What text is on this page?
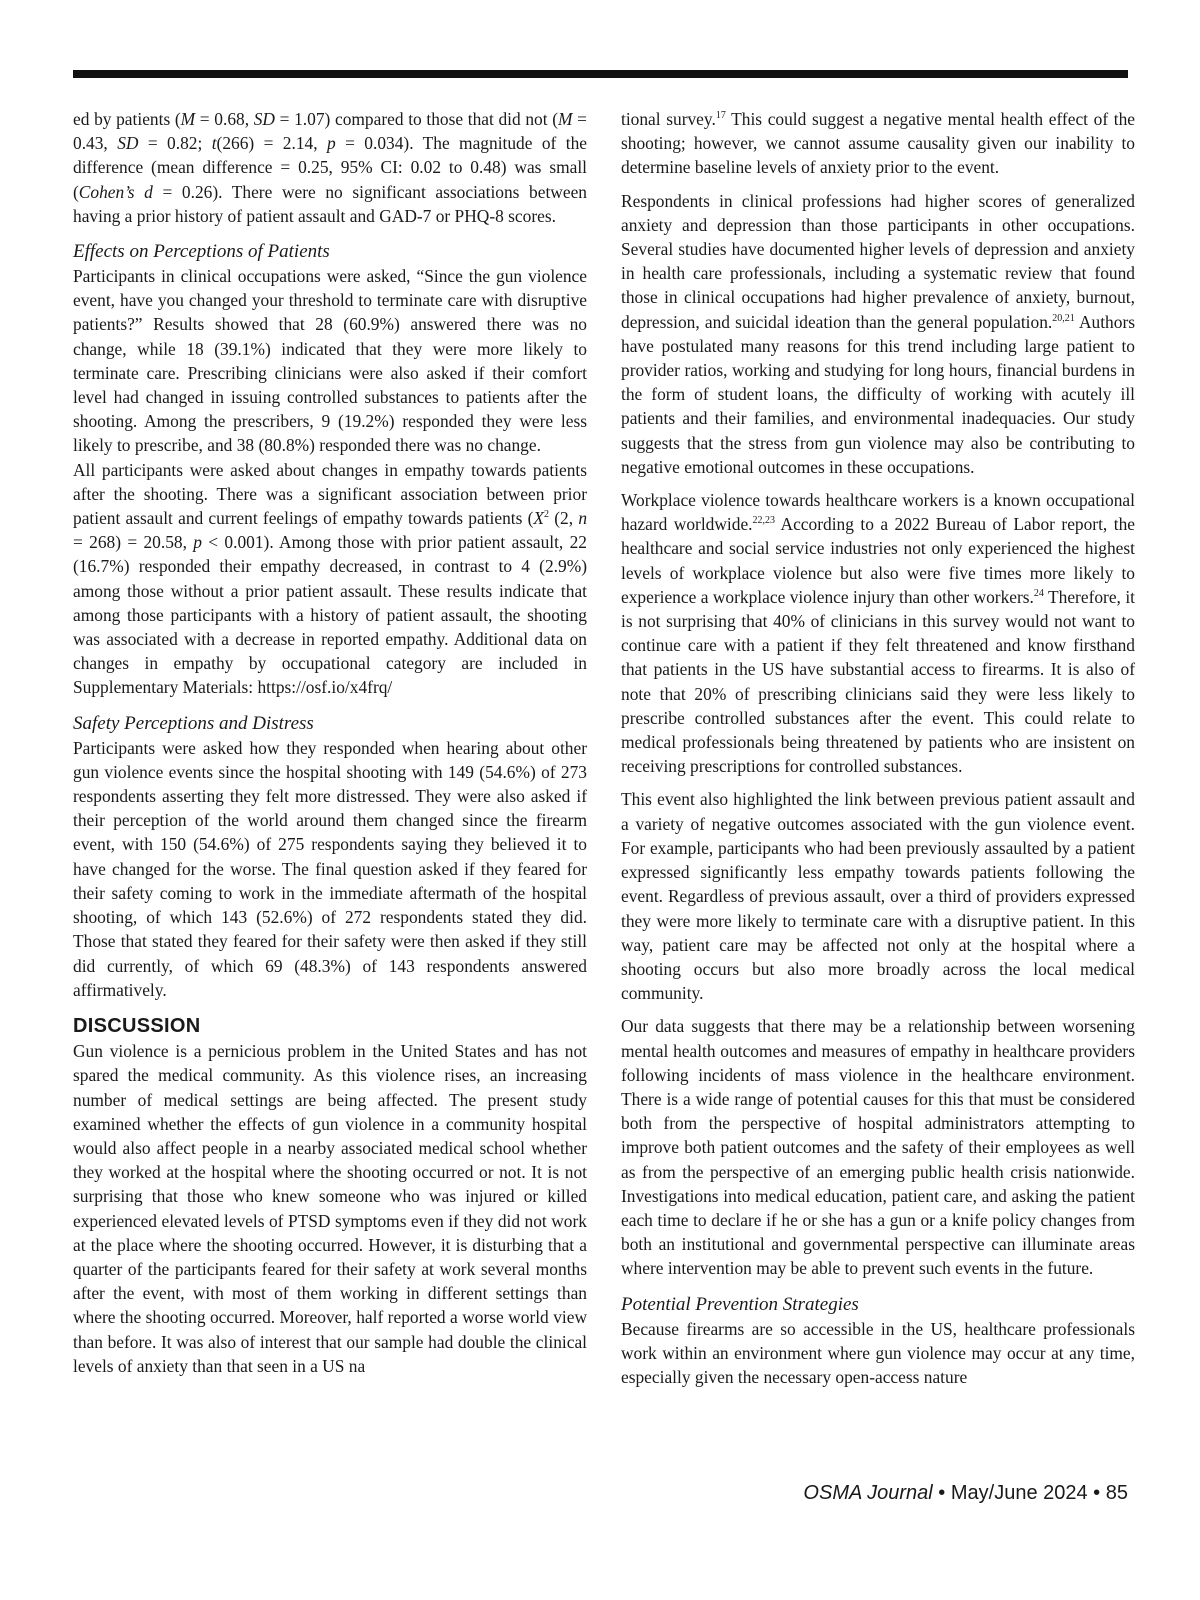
ed by patients (M = 0.68, SD = 1.07) compared to those that did not (M = 0.43, SD = 0.82; t(266) = 2.14, p = 0.034). The magnitude of the difference (mean difference = 0.25, 95% CI: 0.02 to 0.48) was small (Cohen’s d = 0.26). There were no significant associations between having a prior history of patient assault and GAD-7 or PHQ-8 scores.

Effects on Perceptions of Patients

Participants in clinical occupations were asked, “Since the gun violence event, have you changed your threshold to terminate care with disruptive patients?” Results showed that 28 (60.9%) answered there was no change, while 18 (39.1%) indicated that they were more likely to terminate care. Prescribing clinicians were also asked if their comfort level had changed in issuing controlled substances to patients after the shooting. Among the prescribers, 9 (19.2%) responded they were less likely to prescribe, and 38 (80.8%) responded there was no change.

All participants were asked about changes in empathy towards patients after the shooting. There was a significant association between prior patient assault and current feelings of empathy towards patients ($X^2$ (2, n = 268) = 20.58, p < 0.001). Among those with prior patient assault, 22 (16.7%) responded their empathy decreased, in contrast to 4 (2.9%) among those without a prior patient assault. These results indicate that among those participants with a history of patient assault, the shooting was associated with a decrease in reported empathy. Additional data on changes in empathy by occupational category are included in Supplementary Materials: https://osf.io/x4frq/

Safety Perceptions and Distress

Participants were asked how they responded when hearing about other gun violence events since the hospital shooting with 149 (54.6%) of 273 respondents asserting they felt more distressed. They were also asked if their perception of the world around them changed since the firearm event, with 150 (54.6%) of 275 respondents saying they believed it to have changed for the worse. The final question asked if they feared for their safety coming to work in the immediate aftermath of the hospital shooting, of which 143 (52.6%) of 272 respondents stated they did. Those that stated they feared for their safety were then asked if they still did currently, of which 69 (48.3%) of 143 respondents answered affirmatively.

DISCUSSION

Gun violence is a pernicious problem in the United States and has not spared the medical community. As this violence rises, an increasing number of medical settings are being affected. The present study examined whether the effects of gun violence in a community hospital would also affect people in a nearby associated medical school whether they worked at the hospital where the shooting occurred or not. It is not surprising that those who knew someone who was injured or killed experienced elevated levels of PTSD symptoms even if they did not work at the place where the shooting occurred. However, it is disturbing that a quarter of the participants feared for their safety at work several months after the event, with most of them working in different settings than where the shooting occurred. Moreover, half reported a worse world view than before. It was also of interest that our sample had double the clinical levels of anxiety than that seen in a US na

tional survey.$^{17}$ This could suggest a negative mental health effect of the shooting; however, we cannot assume causality given our inability to determine baseline levels of anxiety prior to the event.

Respondents in clinical professions had higher scores of generalized anxiety and depression than those participants in other occupations. Several studies have documented higher levels of depression and anxiety in health care professionals, including a systematic review that found those in clinical occupations had higher prevalence of anxiety, burnout, depression, and suicidal ideation than the general population.$^{20,21}$ Authors have postulated many reasons for this trend including large patient to provider ratios, working and studying for long hours, financial burdens in the form of student loans, the difficulty of working with acutely ill patients and their families, and environmental inadequacies. Our study suggests that the stress from gun violence may also be contributing to negative emotional outcomes in these occupations.

Workplace violence towards healthcare workers is a known occupational hazard worldwide.$^{22,23}$ According to a 2022 Bureau of Labor report, the healthcare and social service industries not only experienced the highest levels of workplace violence but also were five times more likely to experience a workplace violence injury than other workers.$^{24}$ Therefore, it is not surprising that 40% of clinicians in this survey would not want to continue care with a patient if they felt threatened and know firsthand that patients in the US have substantial access to firearms. It is also of note that 20% of prescribing clinicians said they were less likely to prescribe controlled substances after the event. This could relate to medical professionals being threatened by patients who are insistent on receiving prescriptions for controlled substances.

This event also highlighted the link between previous patient assault and a variety of negative outcomes associated with the gun violence event. For example, participants who had been previously assaulted by a patient expressed significantly less empathy towards patients following the event. Regardless of previous assault, over a third of providers expressed they were more likely to terminate care with a disruptive patient. In this way, patient care may be affected not only at the hospital where a shooting occurs but also more broadly across the local medical community.

Our data suggests that there may be a relationship between worsening mental health outcomes and measures of empathy in healthcare providers following incidents of mass violence in the healthcare environment. There is a wide range of potential causes for this that must be considered both from the perspective of hospital administrators attempting to improve both patient outcomes and the safety of their employees as well as from the perspective of an emerging public health crisis nationwide. Investigations into medical education, patient care, and asking the patient each time to declare if he or she has a gun or a knife policy changes from both an institutional and governmental perspective can illuminate areas where intervention may be able to prevent such events in the future.

Potential Prevention Strategies

Because firearms are so accessible in the US, healthcare professionals work within an environment where gun violence may occur at any time, especially given the necessary open-access nature

OSMA Journal • May/June 2024 • 85
